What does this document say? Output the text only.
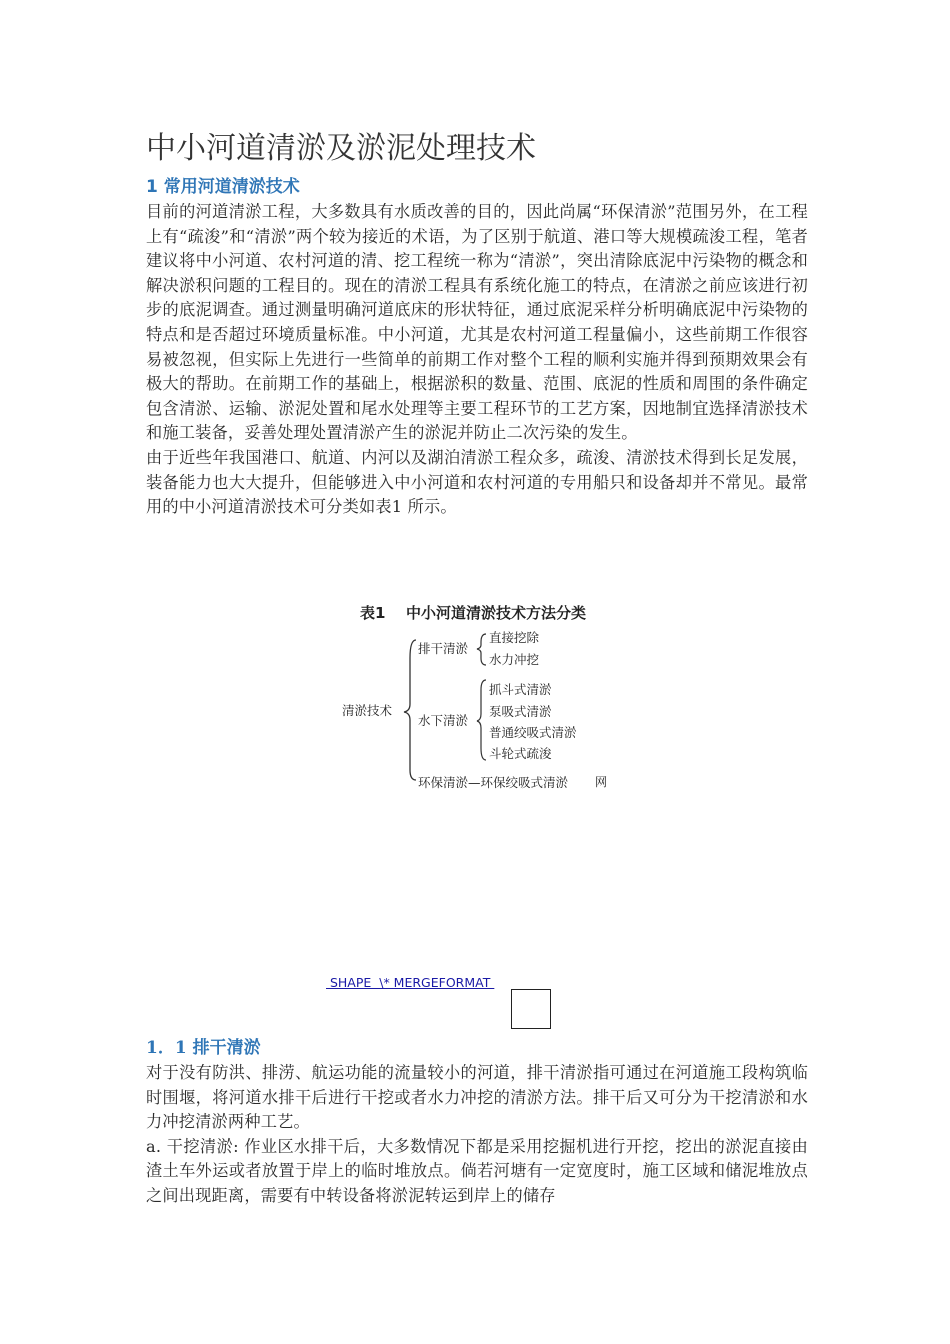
中小河道清淤及淤泥处理技术
1 常用河道清淤技术

目前的河道清淤工程，大多数具有水质改善的目的，因此尚属“环保清淤”范围另外，在工程上有“疏浚”和“清淤”两个较为接近的术语，为了区别于航道、港口等大规模疏浚工程，笔者建议将中小河道、农村河道的清、挖工程统一称为“清淤”，突出清除底泥中污染物的概念和解决淤积问题的工程目的。现在的清淤工程具有系统化施工的特点，在清淤之前应该进行初步的底泥调查。通过测量明确河道底床的形状特征，通过底泥采样分析明确底泥中污染物的特点和是否超过环境质量标准。中小河道，尤其是农村河道工程量偏小，这些前期工作很容易被忽视，但实际上先进行一些简单的前期工作对整个工程的顺利实施并得到预期效果会有极大的帮助。在前期工作的基础上，根据淤积的数量、范围、底泥的性质和周围的条件确定包含清淤、运输、淤泥处置和尾水处理等主要工程环节的工艺方案，因地制宜选择清淤技术和施工装备，妥善处理处置清淤产生的淤泥并防止二次污染的发生。

由于近些年我国港口、航道、内河以及湖泊清淤工程众多，疏浚、清淤技术得到长足发展，装备能力也大大提升，但能够进入中小河道和农村河道的专用船只和设备却并不常见。最常用的中小河道清淤技术可分类如表1 所示。

表1 中小河道清淤技术方法分类
清淤技术
排干清淤
直接挖除
水力冲挖
水下清淤
抓斗式清淤
泵吸式清淤
普通绞吸式清淤
斗轮式疏浚
环保清淤—环保绞吸式清淤 网
SHAPE  \* MERGEFORMAT
1．1 排干清淤

对于没有防洪、排涝、航运功能的流量较小的河道，排干清淤指可通过在河道施工段构筑临时围堰，将河道水排干后进行干挖或者水力冲挖的清淤方法。排干后又可分为干挖清淤和水力冲挖清淤两种工艺。

a. 干挖清淤: 作业区水排干后，大多数情况下都是采用挖掘机进行开挖，挖出的淤泥直接由渣土车外运或者放置于岸上的临时堆放点。倘若河塘有一定宽度时，施工区域和储泥堆放点之间出现距离，需要有中转设备将淤泥转运到岸上的储存
